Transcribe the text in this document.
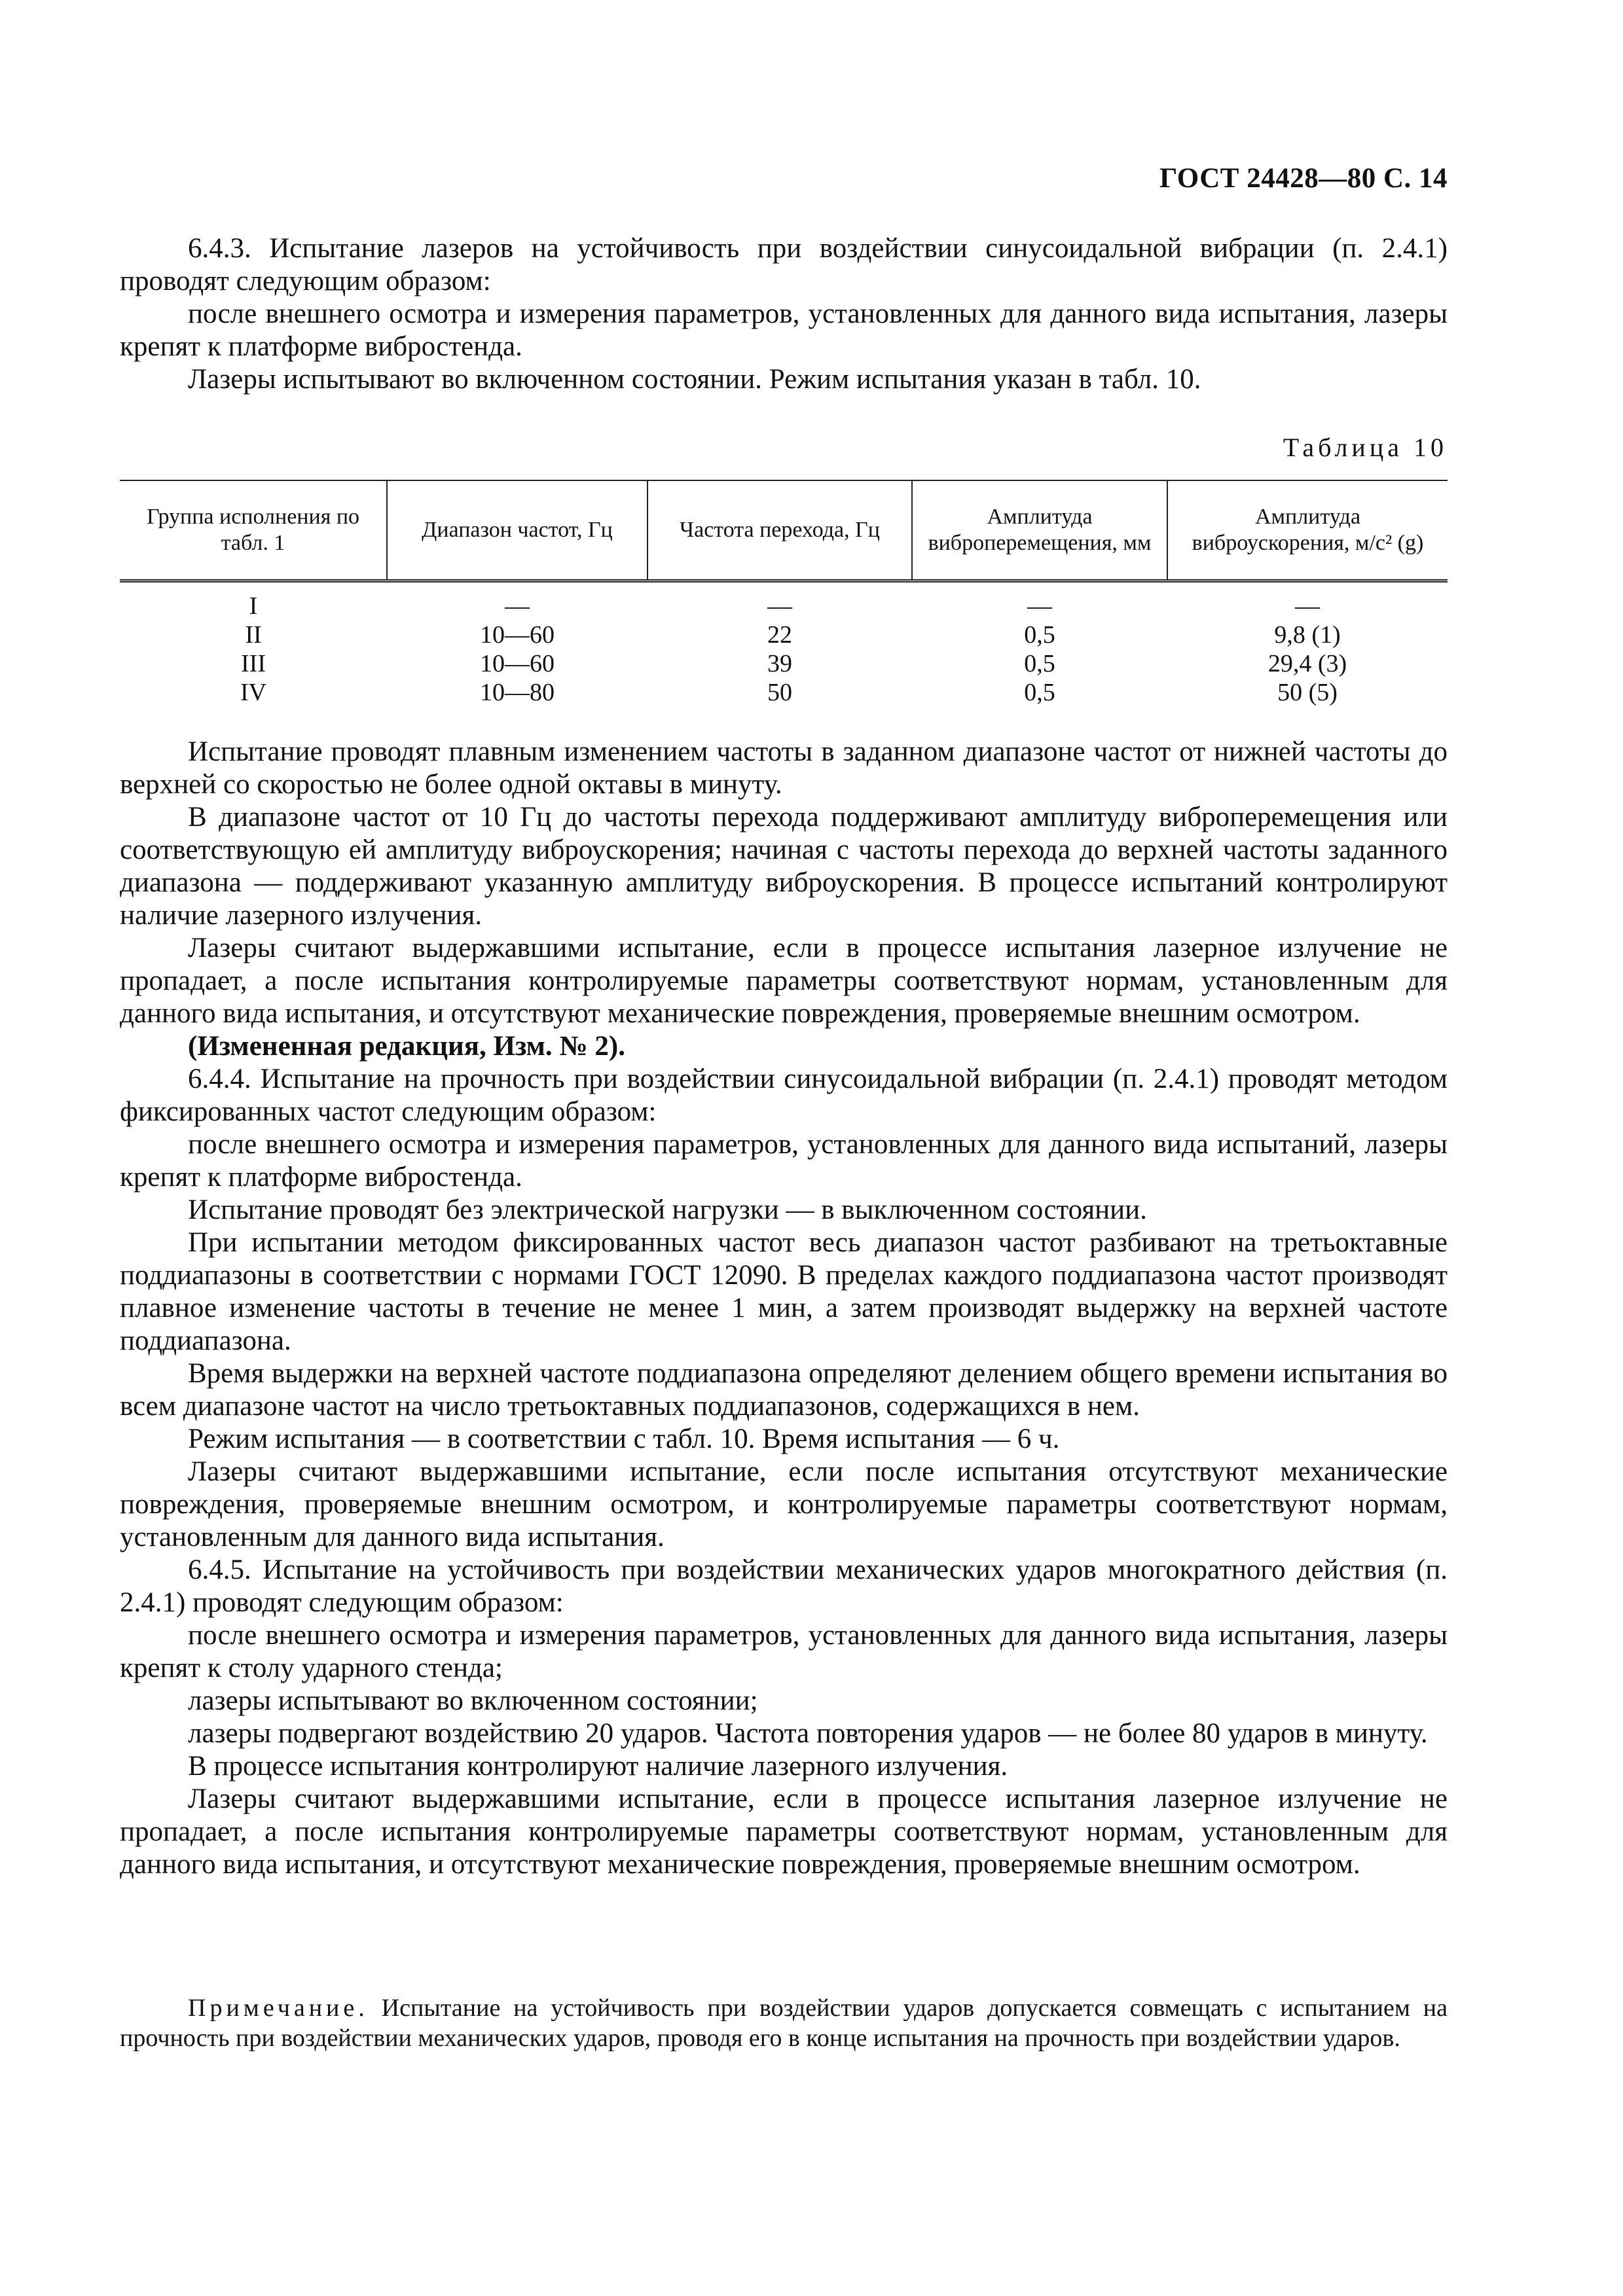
ГОСТ 24428—80 С. 14

6.4.3. Испытание лазеров на устойчивость при воздействии синусоидальной вибрации (п. 2.4.1) проводят следующим образом:

после внешнего осмотра и измерения параметров, установленных для данного вида испытания, лазеры крепят к платформе вибростенда.

Лазеры испытывают во включенном состоянии. Режим испытания указан в табл. 10.

Таблица 10
Группа исполнения по табл. 1	Диапазон частот, Гц	Частота перехода, Гц	Амплитуда виброперемещения, мм	Амплитуда виброускорения, м/с² (g)
I	—	—	—	—
II	10—60	22	0,5	9,8 (1)
III	10—60	39	0,5	29,4 (3)
IV	10—80	50	0,5	50 (5)

Испытание проводят плавным изменением частоты в заданном диапазоне частот от нижней частоты до верхней со скоростью не более одной октавы в минуту.

В диапазоне частот от 10 Гц до частоты перехода поддерживают амплитуду виброперемещения или соответствующую ей амплитуду виброускорения; начиная с частоты перехода до верхней частоты заданного диапазона — поддерживают указанную амплитуду виброускорения. В процессе испытаний контролируют наличие лазерного излучения.

Лазеры считают выдержавшими испытание, если в процессе испытания лазерное излучение не пропадает, а после испытания контролируемые параметры соответствуют нормам, установленным для данного вида испытания, и отсутствуют механические повреждения, проверяемые внешним осмотром.

(Измененная редакция, Изм. № 2).

6.4.4. Испытание на прочность при воздействии синусоидальной вибрации (п. 2.4.1) проводят методом фиксированных частот следующим образом:

после внешнего осмотра и измерения параметров, установленных для данного вида испытаний, лазеры крепят к платформе вибростенда.

Испытание проводят без электрической нагрузки — в выключенном состоянии.

При испытании методом фиксированных частот весь диапазон частот разбивают на третьоктавные поддиапазоны в соответствии с нормами ГОСТ 12090. В пределах каждого поддиапазона частот производят плавное изменение частоты в течение не менее 1 мин, а затем производят выдержку на верхней частоте поддиапазона.

Время выдержки на верхней частоте поддиапазона определяют делением общего времени испытания во всем диапазоне частот на число третьоктавных поддиапазонов, содержащихся в нем.

Режим испытания — в соответствии с табл. 10. Время испытания — 6 ч.

Лазеры считают выдержавшими испытание, если после испытания отсутствуют механические повреждения, проверяемые внешним осмотром, и контролируемые параметры соответствуют нормам, установленным для данного вида испытания.

6.4.5. Испытание на устойчивость при воздействии механических ударов многократного действия (п. 2.4.1) проводят следующим образом:

после внешнего осмотра и измерения параметров, установленных для данного вида испытания, лазеры крепят к столу ударного стенда;

лазеры испытывают во включенном состоянии;

лазеры подвергают воздействию 20 ударов. Частота повторения ударов — не более 80 ударов в минуту.

В процессе испытания контролируют наличие лазерного излучения.

Лазеры считают выдержавшими испытание, если в процессе испытания лазерное излучение не пропадает, а после испытания контролируемые параметры соответствуют нормам, установленным для данного вида испытания, и отсутствуют механические повреждения, проверяемые внешним осмотром.

Примечание. Испытание на устойчивость при воздействии ударов допускается совмещать с испытанием на прочность при воздействии механических ударов, проводя его в конце испытания на прочность при воздействии ударов.
